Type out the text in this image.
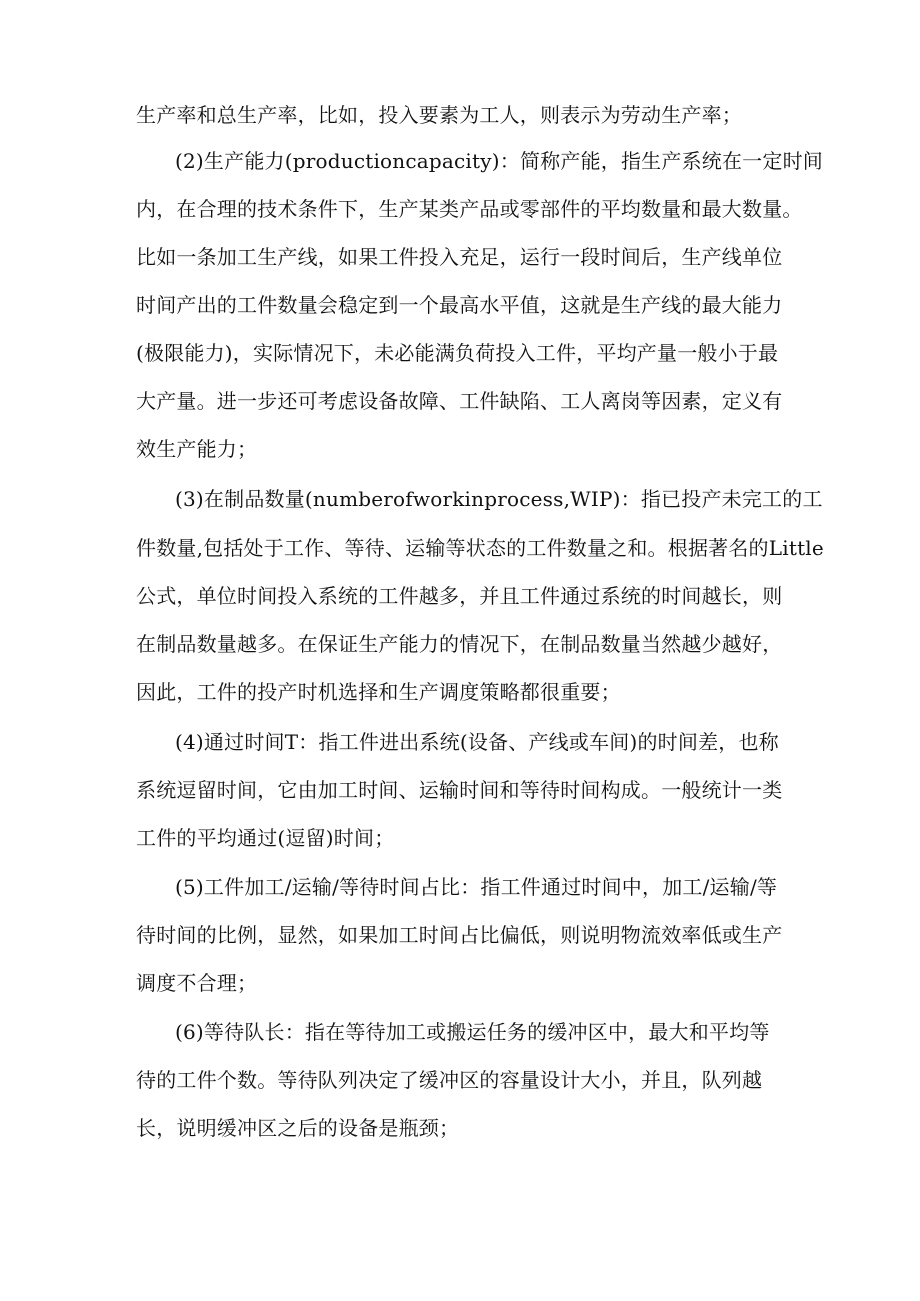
生产率和总生产率，比如，投入要素为工人，则表示为劳动生产率；
(2)生产能力(productioncapacity)：简称产能，指生产系统在一定时间
内，在合理的技术条件下，生产某类产品或零部件的平均数量和最大数量。
比如一条加工生产线，如果工件投入充足，运行一段时间后，生产线单位
时间产出的工件数量会稳定到一个最高水平值，这就是生产线的最大能力
(极限能力)，实际情况下，未必能满负荷投入工件，平均产量一般小于最
大产量。进一步还可考虑设备故障、工件缺陷、工人离岗等因素，定义有
效生产能力；
(3)在制品数量(numberofworkinprocess,WIP)：指已投产未完工的工
件数量,包括处于工作、等待、运输等状态的工件数量之和。根据著名的Little
公式，单位时间投入系统的工件越多，并且工件通过系统的时间越长，则
在制品数量越多。在保证生产能力的情况下，在制品数量当然越少越好，
因此，工件的投产时机选择和生产调度策略都很重要；
(4)通过时间T：指工件进出系统(设备、产线或车间)的时间差，也称
系统逗留时间，它由加工时间、运输时间和等待时间构成。一般统计一类
工件的平均通过(逗留)时间；
(5)工件加工/运输/等待时间占比：指工件通过时间中，加工/运输/等
待时间的比例，显然，如果加工时间占比偏低，则说明物流效率低或生产
调度不合理；
(6)等待队长：指在等待加工或搬运任务的缓冲区中，最大和平均等
待的工件个数。等待队列决定了缓冲区的容量设计大小，并且，队列越
长，说明缓冲区之后的设备是瓶颈；
